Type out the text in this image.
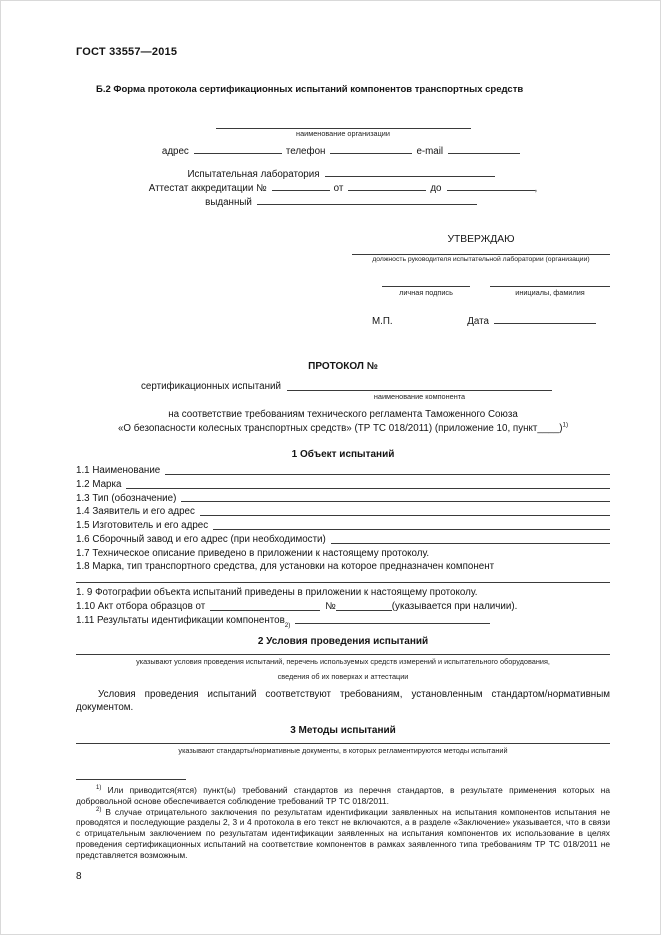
ГОСТ 33557—2015
Б.2 Форма протокола сертификационных испытаний компонентов транспортных средств
наименование организации
адрес	телефон	e-mail
Испытательная лаборатория
Аттестат аккредитации №	от	до	,
выданный
УТВЕРЖДАЮ
должность руководителя испытательной лаборатории (организации)
личная подпись	инициалы, фамилия
М.П.	Дата
ПРОТОКОЛ №
сертификационных испытаний
наименование компонента
на соответствие требованиям технического регламента Таможенного Союза
«О безопасности колесных транспортных средств» (ТР ТС 018/2011) (приложение 10, пункт____)$^{1)}$
1 Объект испытаний
1.1 Наименование
1.2 Марка
1.3 Тип (обозначение)
1.4 Заявитель и его адрес
1.5 Изготовитель и его адрес
1.6 Сборочный завод и его адрес (при необходимости)
1.7 Техническое описание приведено в приложении к настоящему протоколу.
1.8 Марка, тип транспортного средства, для установки на которое предназначен компонент
1. 9 Фотографии объекта испытаний приведены в приложении к настоящему протоколу.
1.10 Акт отбора образцов от	№	(указывается при наличии).
1.11 Результаты идентификации компонентов
2)
2 Условия проведения испытаний
указывают условия проведения испытаний, перечень используемых средств измерений и испытательного оборудования,
сведения об их поверках и аттестации
Условия проведения испытаний соответствуют требованиям, установленным стандартом/нормативным документом.
3 Методы испытаний
указывают стандарты/нормативные документы, в которых регламентируются методы испытаний
$^{1)}$ Или приводится(ятся) пункт(ы) требований стандартов из перечня стандартов, в результате применения которых на добровольной основе обеспечивается соблюдение требований ТР ТС 018/2011.
$^{2)}$ В случае отрицательного заключения по результатам идентификации заявленных на испытания компонентов испытания не проводятся и последующие разделы 2, 3 и 4 протокола в его текст не включаются, а в разделе «Заключение» указывается, что в связи с отрицательным заключением по результатам идентификации заявленных на испытания компонентов их использование в целях проведения сертификационных испытаний на соответствие компонентов в рамках заявленного типа требованиям ТР ТС 018/2011 не представляется возможным.
8
